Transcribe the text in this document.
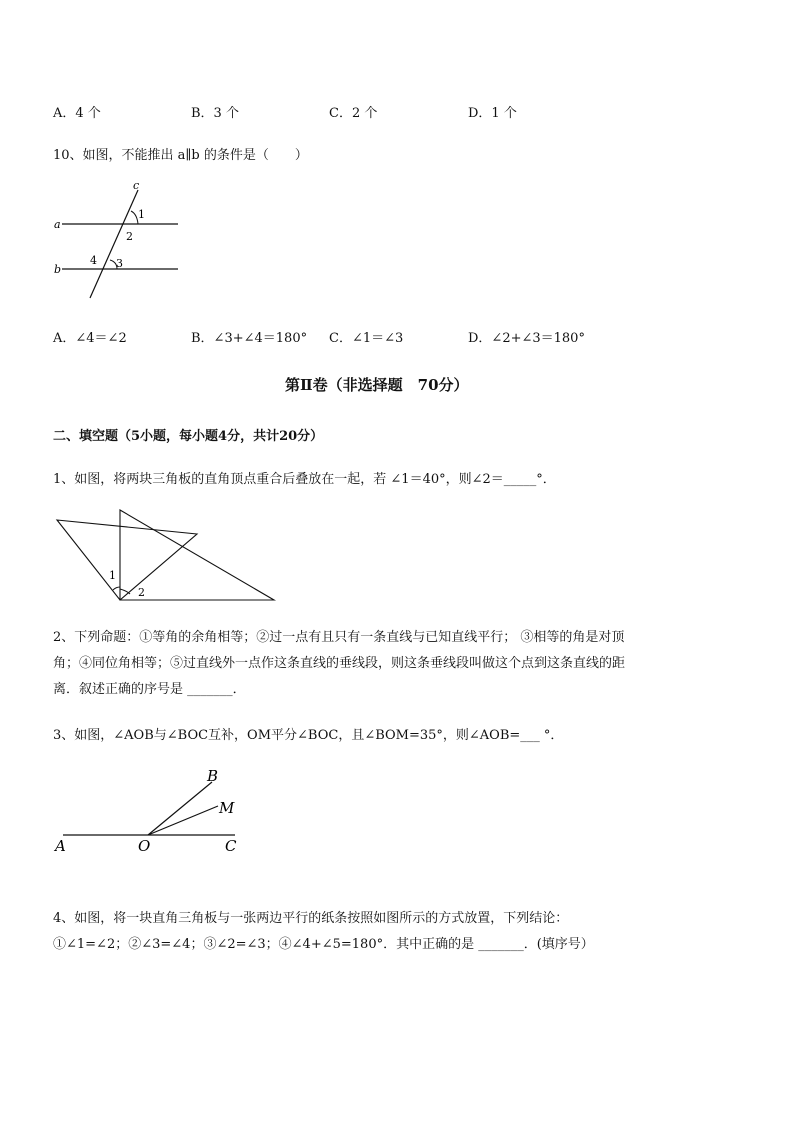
A．4 个	B．3 个	C．2 个	D．1 个
10、如图，不能推出 a∥b 的条件是（　　）
c
a
b
1
2
3
4
A．∠4＝∠2	B．∠3+∠4＝180° C．∠1＝∠3	D．∠2+∠3＝180°
第Ⅱ卷（非选择题　70分）
二、填空题（5小题，每小题4分，共计20分）
1、如图，将两块三角板的直角顶点重合后叠放在一起，若 ∠1＝40°，则∠2＝_____°．
1
2
2、下列命题：①等角的余角相等；②过一点有且只有一条直线与已知直线平行； ③相等的角是对顶
角；④同位角相等；⑤过直线外一点作这条直线的垂线段，则这条垂线段叫做这个点到这条直线的距
离．叙述正确的序号是 _______．
3、如图，∠AOB与∠BOC互补，OM平分∠BOC，且∠BOM=35°，则∠AOB=___ °．
A	O	C
B
M
4、如图，将一块直角三角板与一张两边平行的纸条按照如图所示的方式放置，下列结论：
①∠1=∠2；②∠3=∠4；③∠2=∠3；④∠4+∠5=180°．其中正确的是 _______．(填序号）
